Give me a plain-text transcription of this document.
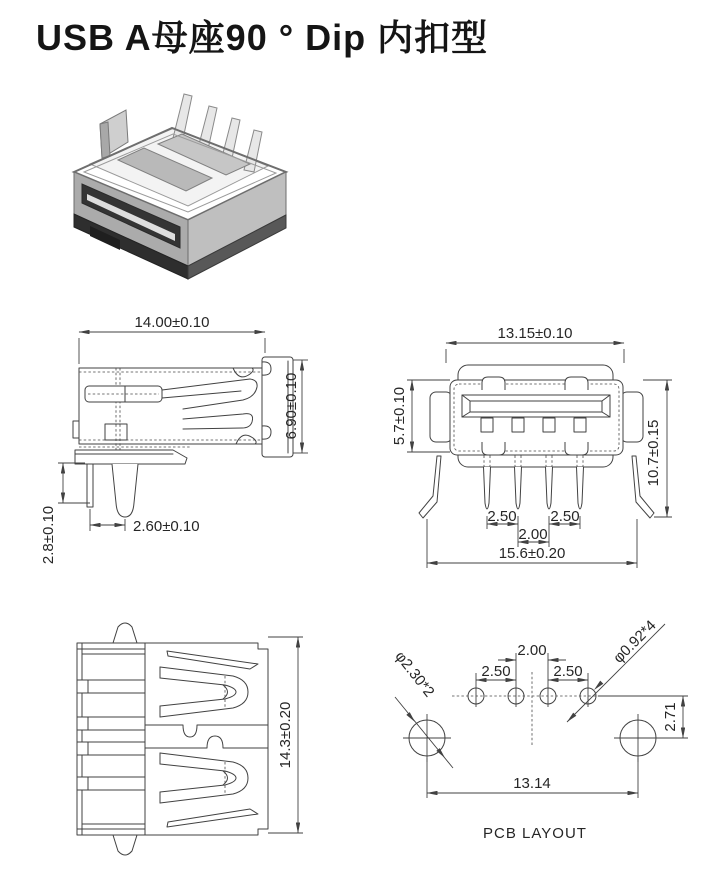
USB A母座90 ° Dip 内扣型
14.00±0.10
6.90±0.10
2.8±0.10	2.60±0.10
13.15±0.10
5.7±0.10
10.7±0.15
2.50 2.50
2.00
15.6±0.20
14.3±0.20
2.00
2.50	2.50
φ2.30*2
φ0.92*4
2.71
13.14
PCB LAYOUT
